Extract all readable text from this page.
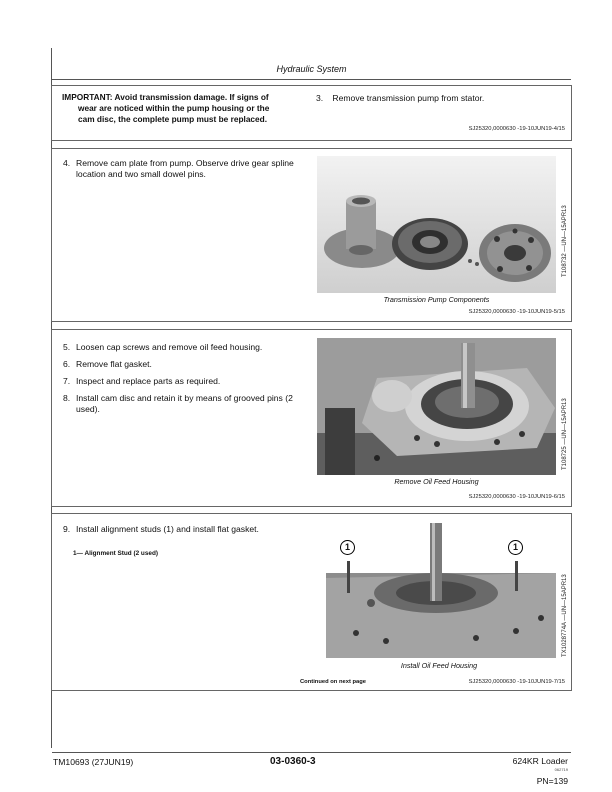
Hydraulic System
IMPORTANT: Avoid transmission damage. If signs of
wear are noticed within the pump housing or the
cam disc, the complete pump must be replaced.
3. Remove transmission pump from stator.
SJ25320,0000630 -19-10JUN19-4/15
4. Remove cam plate from pump. Observe drive gear spline location and two small dowel pins.
Transmission Pump Components
T108732 —UN—15APR13
SJ25320,0000630 -19-10JUN19-5/15
5. Loosen cap screws and remove oil feed housing.
6. Remove flat gasket.
7. Inspect and replace parts as required.
8. Install cam disc and retain it by means of grooved pins (2 used).
Remove Oil Feed Housing
T108725 —UN—15APR13
SJ25320,0000630 -19-10JUN19-6/15
9. Install alignment studs (1) and install flat gasket.
1— Alignment Stud (2 used)
1	1
Install Oil Feed Housing
TX1028774A —UN—15APR13
Continued on next page	SJ25320,0000630 -19-10JUN19-7/15
TM10693 (27JUN19)	03-0360-3	624KR Loader
062719
PN=139
